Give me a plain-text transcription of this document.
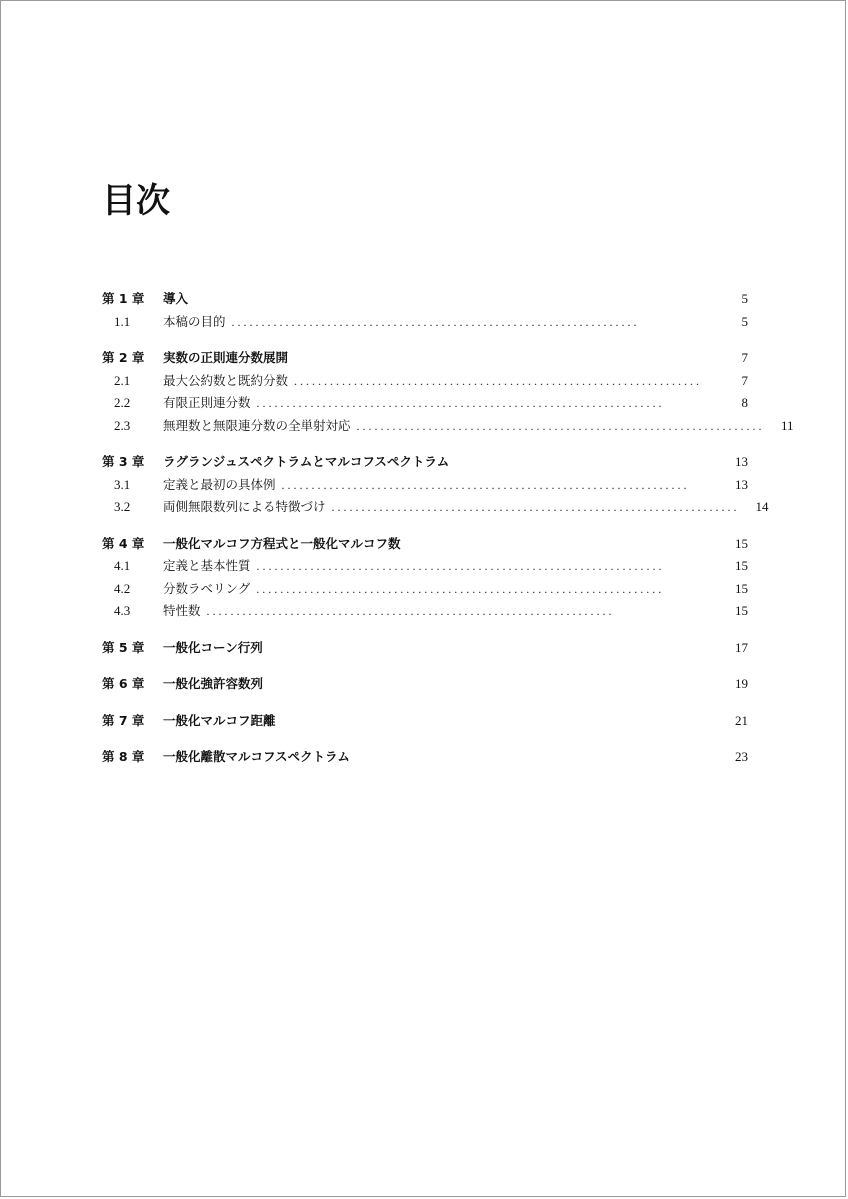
目次
第 1 章	導入	5
1.1	本稿の目的 . . . . . . . . . . . . . . . . . . . . . . . . . . . . . . . . . . . . . . . . . . . . . . . . . . . . . . . . . . . . . . . . . . . .	5
第 2 章	実数の正則連分数展開	7
2.1	最大公約数と既約分数 . . . . . . . . . . . . . . . . . . . . . . . . . . . . . . . . . . . . . . . . . . . . . . . . . . . . . . . . . . . . . . . . . . . .	7
2.2	有限正則連分数 . . . . . . . . . . . . . . . . . . . . . . . . . . . . . . . . . . . . . . . . . . . . . . . . . . . . . . . . . . . . . . . . . . . .	8
2.3	無理数と無限連分数の全単射対応 . . . . . . . . . . . . . . . . . . . . . . . . . . . . . . . . . . . . . . . . . . . . . . . . . . . . . . . . . . . . . . . . . . . .	11
第 3 章	ラグランジュスペクトラムとマルコフスペクトラム	13
3.1	定義と最初の具体例 . . . . . . . . . . . . . . . . . . . . . . . . . . . . . . . . . . . . . . . . . . . . . . . . . . . . . . . . . . . . . . . . . . . .	13
3.2	両側無限数列による特徴づけ . . . . . . . . . . . . . . . . . . . . . . . . . . . . . . . . . . . . . . . . . . . . . . . . . . . . . . . . . . . . . . . . . . . .	14
第 4 章	一般化マルコフ方程式と一般化マルコフ数	15
4.1	定義と基本性質 . . . . . . . . . . . . . . . . . . . . . . . . . . . . . . . . . . . . . . . . . . . . . . . . . . . . . . . . . . . . . . . . . . . .	15
4.2	分数ラベリング . . . . . . . . . . . . . . . . . . . . . . . . . . . . . . . . . . . . . . . . . . . . . . . . . . . . . . . . . . . . . . . . . . . .	15
4.3	特性数 . . . . . . . . . . . . . . . . . . . . . . . . . . . . . . . . . . . . . . . . . . . . . . . . . . . . . . . . . . . . . . . . . . . .	15
第 5 章	一般化コーン行列	17
第 6 章	一般化強許容数列	19
第 7 章	一般化マルコフ距離	21
第 8 章	一般化離散マルコフスペクトラム	23
